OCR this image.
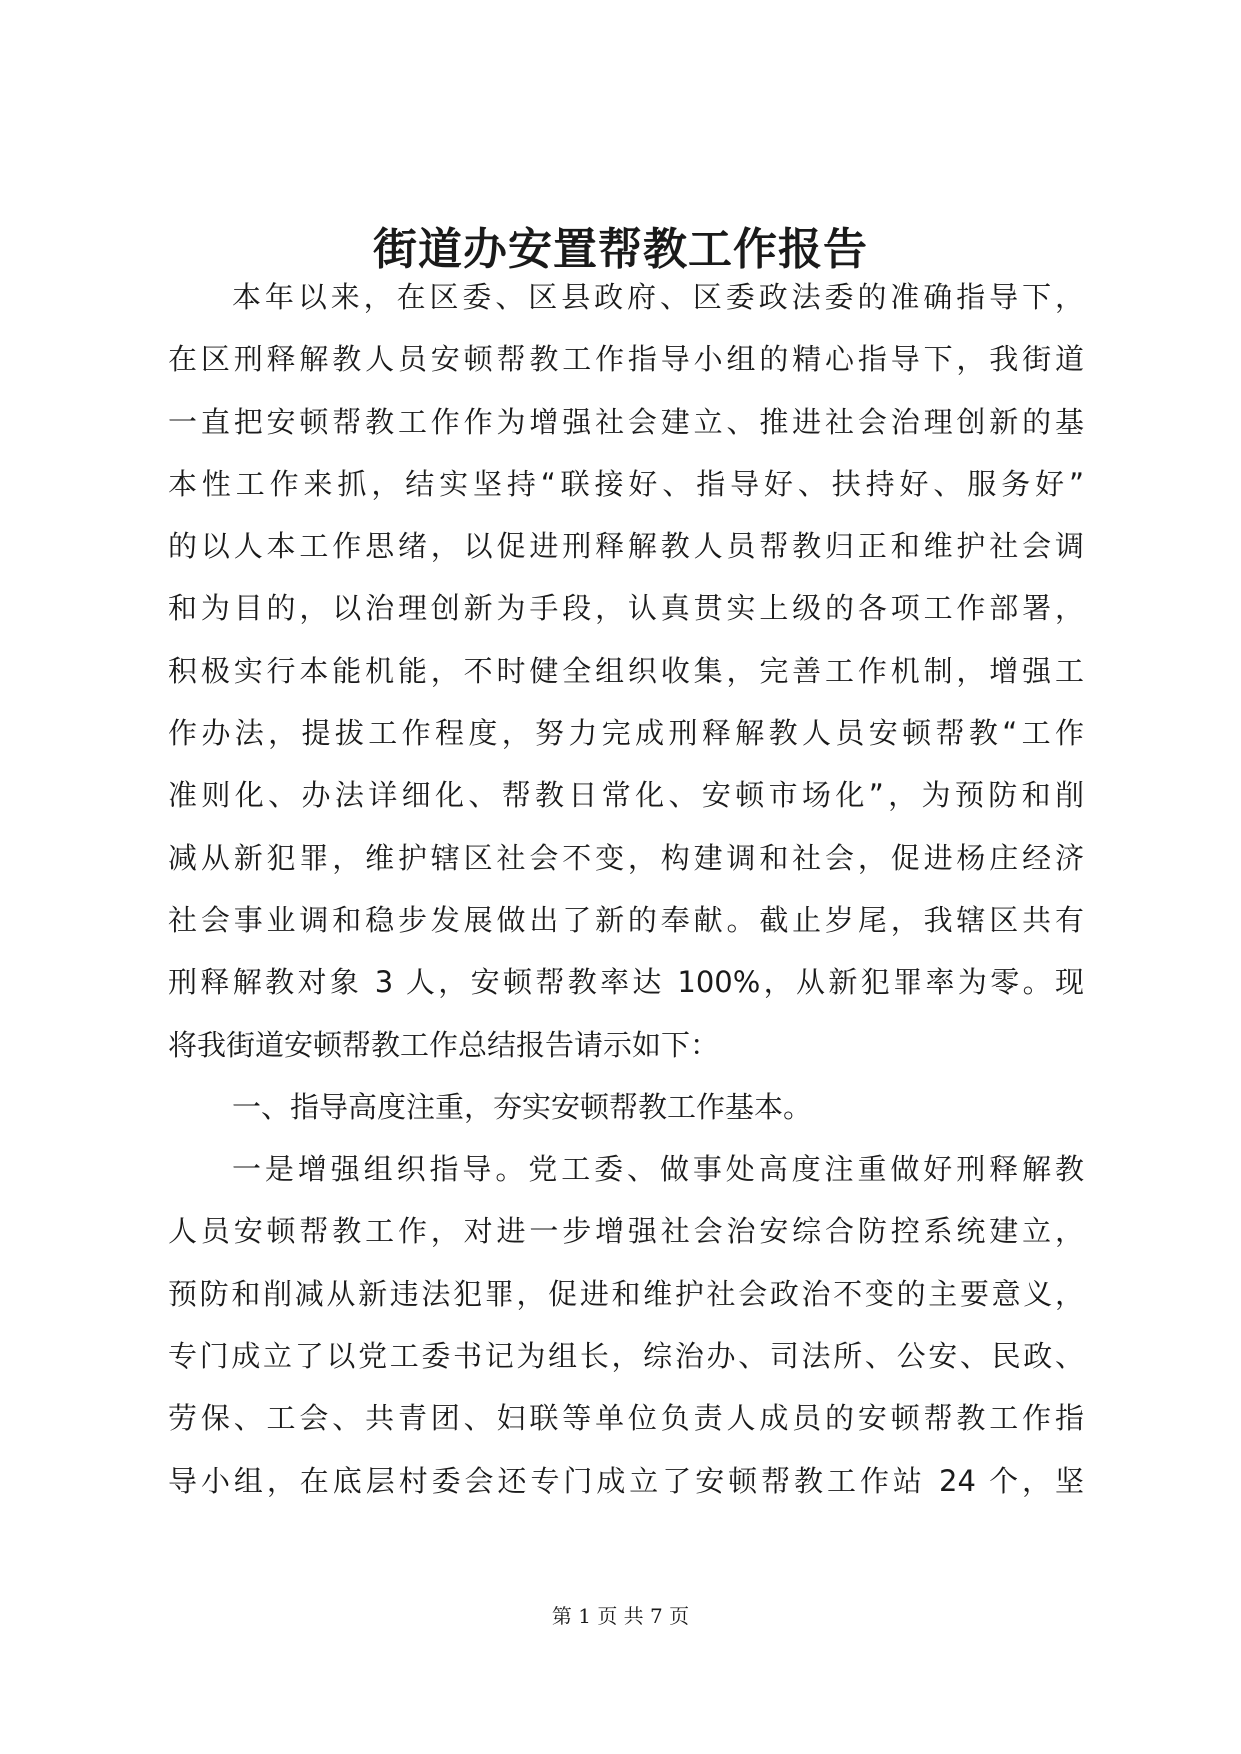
街道办安置帮教工作报告
本年以来，在区委、区县政府、区委政法委的准确指导下，
在区刑释解教人员安顿帮教工作指导小组的精心指导下，我街道
一直把安顿帮教工作作为增强社会建立、推进社会治理创新的基
本性工作来抓，结实坚持“联接好、指导好、扶持好、服务好”
的以人本工作思绪，以促进刑释解教人员帮教归正和维护社会调
和为目的，以治理创新为手段，认真贯实上级的各项工作部署，
积极实行本能机能，不时健全组织收集，完善工作机制，增强工
作办法，提拔工作程度，努力完成刑释解教人员安顿帮教“工作
准则化、办法详细化、帮教日常化、安顿市场化”，为预防和削
减从新犯罪，维护辖区社会不变，构建调和社会，促进杨庄经济
社会事业调和稳步发展做出了新的奉献。截止岁尾，我辖区共有
刑释解教对象 3 人，安顿帮教率达 100%，从新犯罪率为零。现
将我街道安顿帮教工作总结报告请示如下：
一、指导高度注重，夯实安顿帮教工作基本。
一是增强组织指导。党工委、做事处高度注重做好刑释解教
人员安顿帮教工作，对进一步增强社会治安综合防控系统建立，
预防和削减从新违法犯罪，促进和维护社会政治不变的主要意义，
专门成立了以党工委书记为组长，综治办、司法所、公安、民政、
劳保、工会、共青团、妇联等单位负责人成员的安顿帮教工作指
导小组，在底层村委会还专门成立了安顿帮教工作站 24 个，坚
第 1 页 共 7 页
